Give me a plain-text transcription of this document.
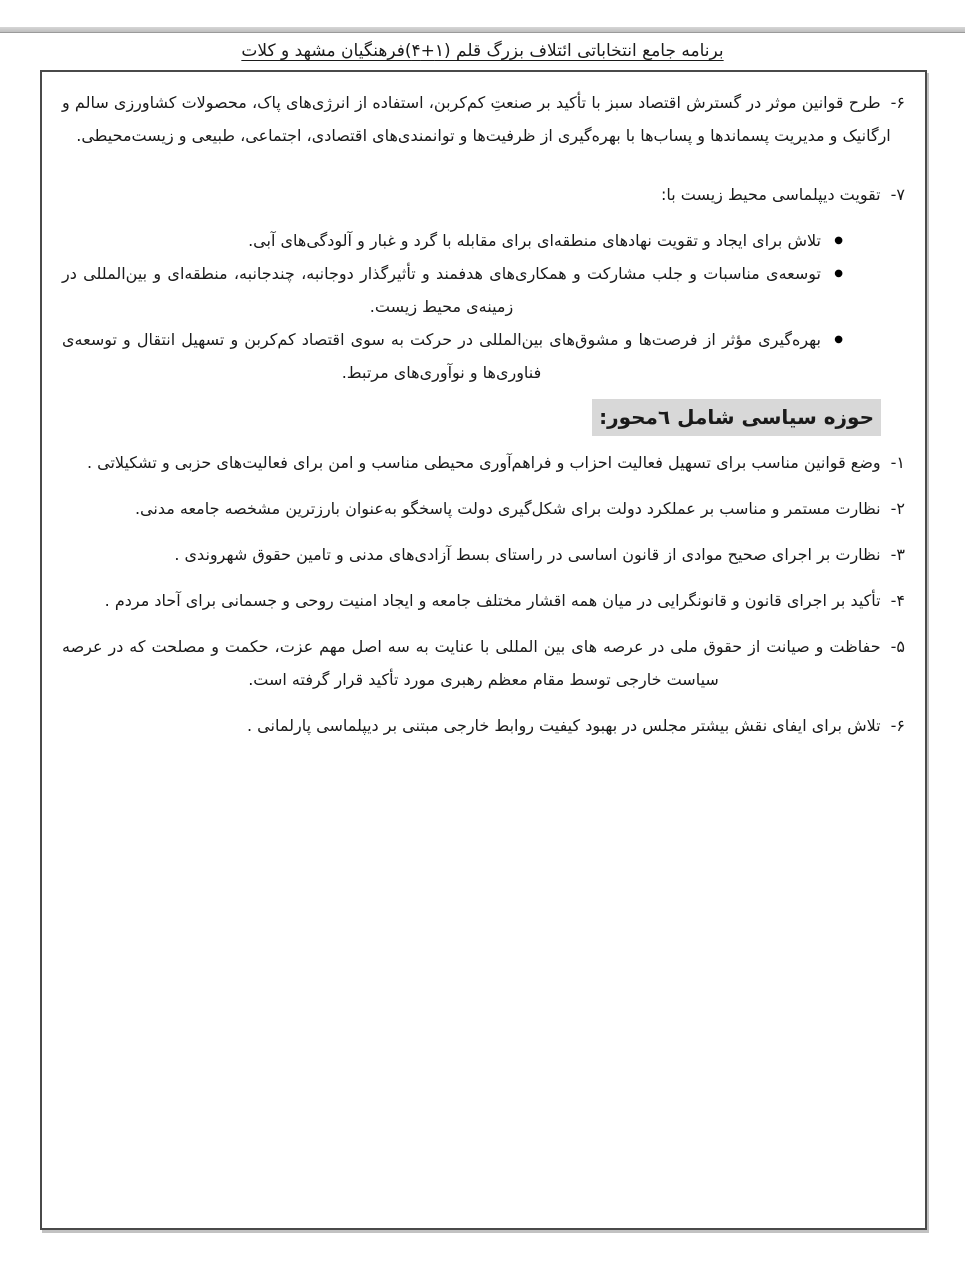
برنامه جامع انتخاباتی ائتلاف بزرگ قلم (۱+۴)فرهنگیان مشهد و کلات

۶-طرح قوانین موثر در گسترش اقتصاد سبز با تأکید بر صنعتِ کم‌کربن، استفاده از انرژی‌های پاک، محصولات کشاورزی سالم و ارگانیک و مدیریت پسماندها و پساب‌ها با بهره‌گیری از ظرفیت‌ها و توانمندی‌های اقتصادی، اجتماعی، طبیعی و زیست‌محیطی.

۷-تقویت دیپلماسی محیط زیست با:

●
تلاش برای ایجاد و تقویت نهادهای منطقه‌ای برای مقابله با گرد و غبار و آلودگی‌های آبی.
●
توسعه‌ی مناسبات و جلب مشارکت و همکاری‌های هدفمند و تأثیرگذار دوجانبه، چندجانبه، منطقه‌ای و بین‌المللی در زمینه‌ی محیط زیست.
●
بهره‌گیری مؤثر از فرصت‌ها و مشوق‌های بین‌المللی در حرکت به سوی اقتصاد کم‌کربن و تسهیل انتقال و توسعه‌ی فناوری‌ها و نوآوری‌های مرتبط.
حوزه سیاسی شامل ٦محور:

۱-وضع قوانین مناسب برای تسهیل فعالیت احزاب و فراهم‌آوری محیطی مناسب و امن برای فعالیت‌های حزبی و تشکیلاتی .

۲-نظارت مستمر و مناسب بر عملکرد دولت برای شکل‌گیری دولت پاسخگو به‌عنوان بارزترین مشخصه جامعه مدنی.

۳-نظارت بر اجرای صحیح موادی از قانون اساسی در راستای بسط آزادی‌های مدنی و تامین حقوق شهروندی .

۴-تأکید بر اجرای قانون و قانونگرایی در میان همه اقشار مختلف جامعه و ایجاد امنیت روحی و جسمانی برای آحاد مردم .

۵-حفاظت و صیانت از حقوق ملی در عرصه های بین المللی با عنایت به سه اصل مهم عزت، حکمت و مصلحت که در عرصه سیاست خارجی توسط مقام معظم رهبری مورد تأکید قرار گرفته است.

۶-تلاش برای ایفای نقش بیشتر مجلس در بهبود کیفیت روابط خارجی مبتنی بر دیپلماسی پارلمانی .
